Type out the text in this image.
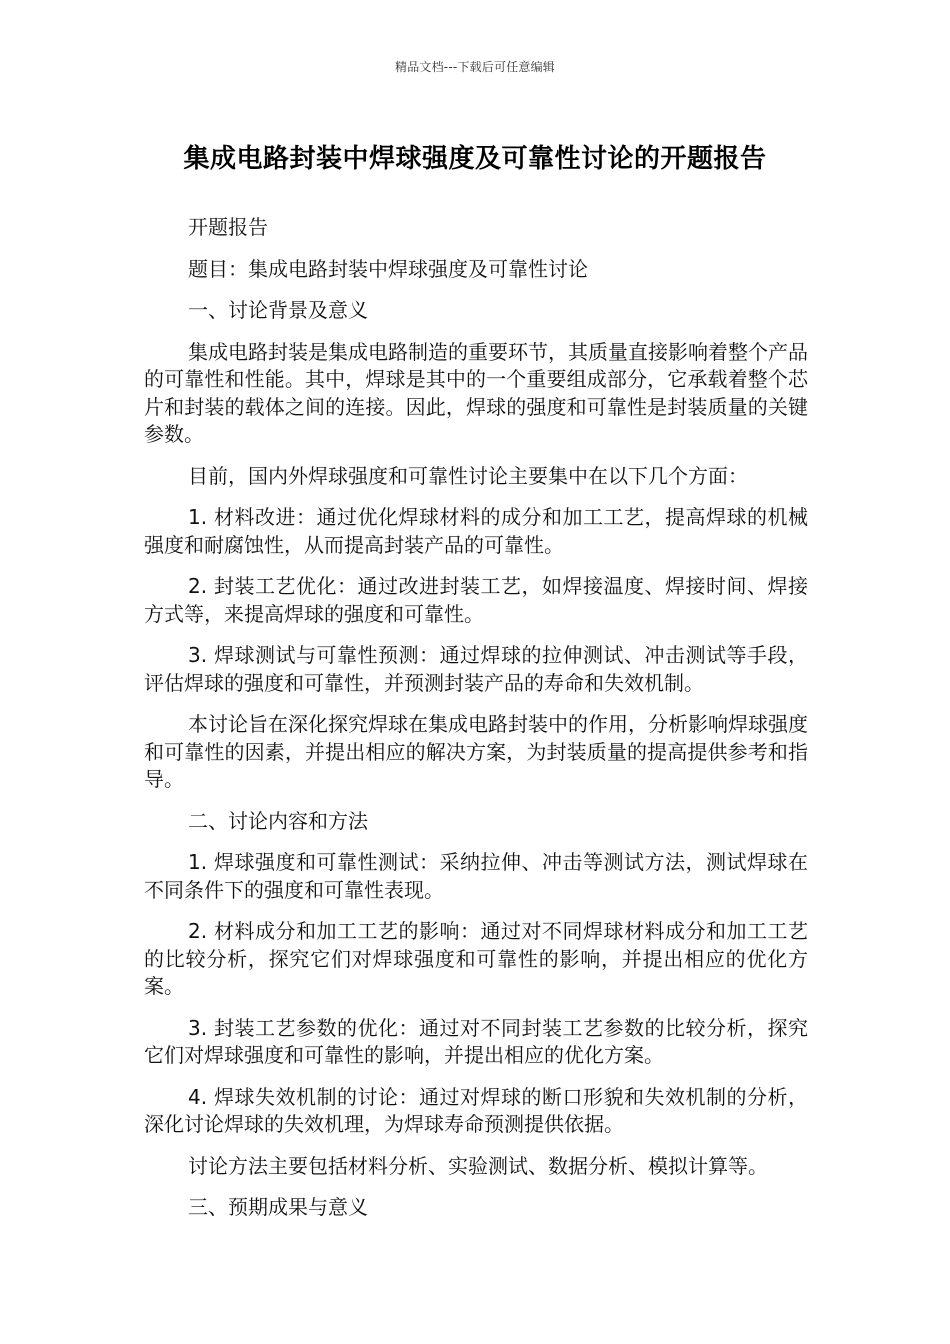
精品文档---下载后可任意编辑
集成电路封装中焊球强度及可靠性讨论的开题报告

开题报告

题目：集成电路封装中焊球强度及可靠性讨论

一、讨论背景及意义

集成电路封装是集成电路制造的重要环节，其质量直接影响着整个产品的可靠性和性能。其中，焊球是其中的一个重要组成部分，它承载着整个芯片和封装的载体之间的连接。因此，焊球的强度和可靠性是封装质量的关键参数。

目前，国内外焊球强度和可靠性讨论主要集中在以下几个方面：

1. 材料改进：通过优化焊球材料的成分和加工工艺，提高焊球的机械强度和耐腐蚀性，从而提高封装产品的可靠性。

2. 封装工艺优化：通过改进封装工艺，如焊接温度、焊接时间、焊接方式等，来提高焊球的强度和可靠性。

3. 焊球测试与可靠性预测：通过焊球的拉伸测试、冲击测试等手段，评估焊球的强度和可靠性，并预测封装产品的寿命和失效机制。

本讨论旨在深化探究焊球在集成电路封装中的作用，分析影响焊球强度和可靠性的因素，并提出相应的解决方案，为封装质量的提高提供参考和指导。

二、讨论内容和方法

1. 焊球强度和可靠性测试：采纳拉伸、冲击等测试方法，测试焊球在不同条件下的强度和可靠性表现。

2. 材料成分和加工工艺的影响：通过对不同焊球材料成分和加工工艺的比较分析，探究它们对焊球强度和可靠性的影响，并提出相应的优化方案。

3. 封装工艺参数的优化：通过对不同封装工艺参数的比较分析，探究它们对焊球强度和可靠性的影响，并提出相应的优化方案。

4. 焊球失效机制的讨论：通过对焊球的断口形貌和失效机制的分析，深化讨论焊球的失效机理，为焊球寿命预测提供依据。

讨论方法主要包括材料分析、实验测试、数据分析、模拟计算等。

三、预期成果与意义
